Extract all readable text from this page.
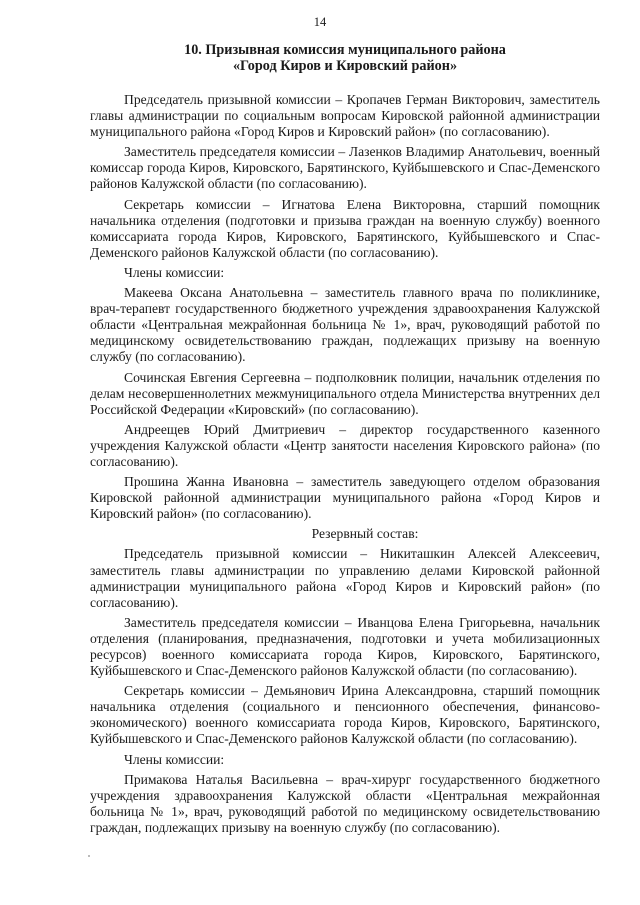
14
10. Призывная комиссия муниципального района
«Город Киров и Кировский район»

Председатель призывной комиссии – Кропачев Герман Викторович, заместитель главы администрации по социальным вопросам Кировской районной администрации муниципального района «Город Киров и Кировский район» (по согласованию).

Заместитель председателя комиссии – Лазенков Владимир Анатольевич, военный комиссар города Киров, Кировского, Барятинского, Куйбышевского и Спас-Деменского районов Калужской области (по согласованию).

Секретарь комиссии – Игнатова Елена Викторовна, старший помощник начальника отделения (подготовки и призыва граждан на военную службу) военного комиссариата города Киров, Кировского, Барятинского, Куйбышевского и Спас-Деменского районов Калужской области (по согласованию).

Члены комиссии:

Макеева Оксана Анатольевна – заместитель главного врача по поликлинике, врач-терапевт государственного бюджетного учреждения здравоохранения Калужской области «Центральная межрайонная больница № 1», врач, руководящий работой по медицинскому освидетельствованию граждан, подлежащих призыву на военную службу (по согласованию).

Сочинская Евгения Сергеевна – подполковник полиции, начальник отделения по делам несовершеннолетних межмуниципального отдела Министерства внутренних дел Российской Федерации «Кировский» (по согласованию).

Андреещев Юрий Дмитриевич – директор государственного казенного учреждения Калужской области «Центр занятости населения Кировского района» (по согласованию).

Прошина Жанна Ивановна – заместитель заведующего отделом образования Кировской районной администрации муниципального района «Город Киров и Кировский район» (по согласованию).

Резервный состав:

Председатель призывной комиссии – Никиташкин Алексей Алексеевич, заместитель главы администрации по управлению делами Кировской районной администрации муниципального района «Город Киров и Кировский район» (по согласованию).

Заместитель председателя комиссии – Иванцова Елена Григорьевна, начальник отделения (планирования, предназначения, подготовки и учета мобилизационных ресурсов) военного комиссариата города Киров, Кировского, Барятинского, Куйбышевского и Спас-Деменского районов Калужской области (по согласованию).

Секретарь комиссии – Демьянович Ирина Александровна, старший помощник начальника отделения (социального и пенсионного обеспечения, финансово-экономического) военного комиссариата города Киров, Кировского, Барятинского, Куйбышевского и Спас-Деменского районов Калужской области (по согласованию).

Члены комиссии:

Примакова Наталья Васильевна – врач-хирург государственного бюджетного учреждения здравоохранения Калужской области «Центральная межрайонная больница № 1», врач, руководящий работой по медицинскому освидетельствованию граждан, подлежащих призыву на военную службу (по согласованию).
